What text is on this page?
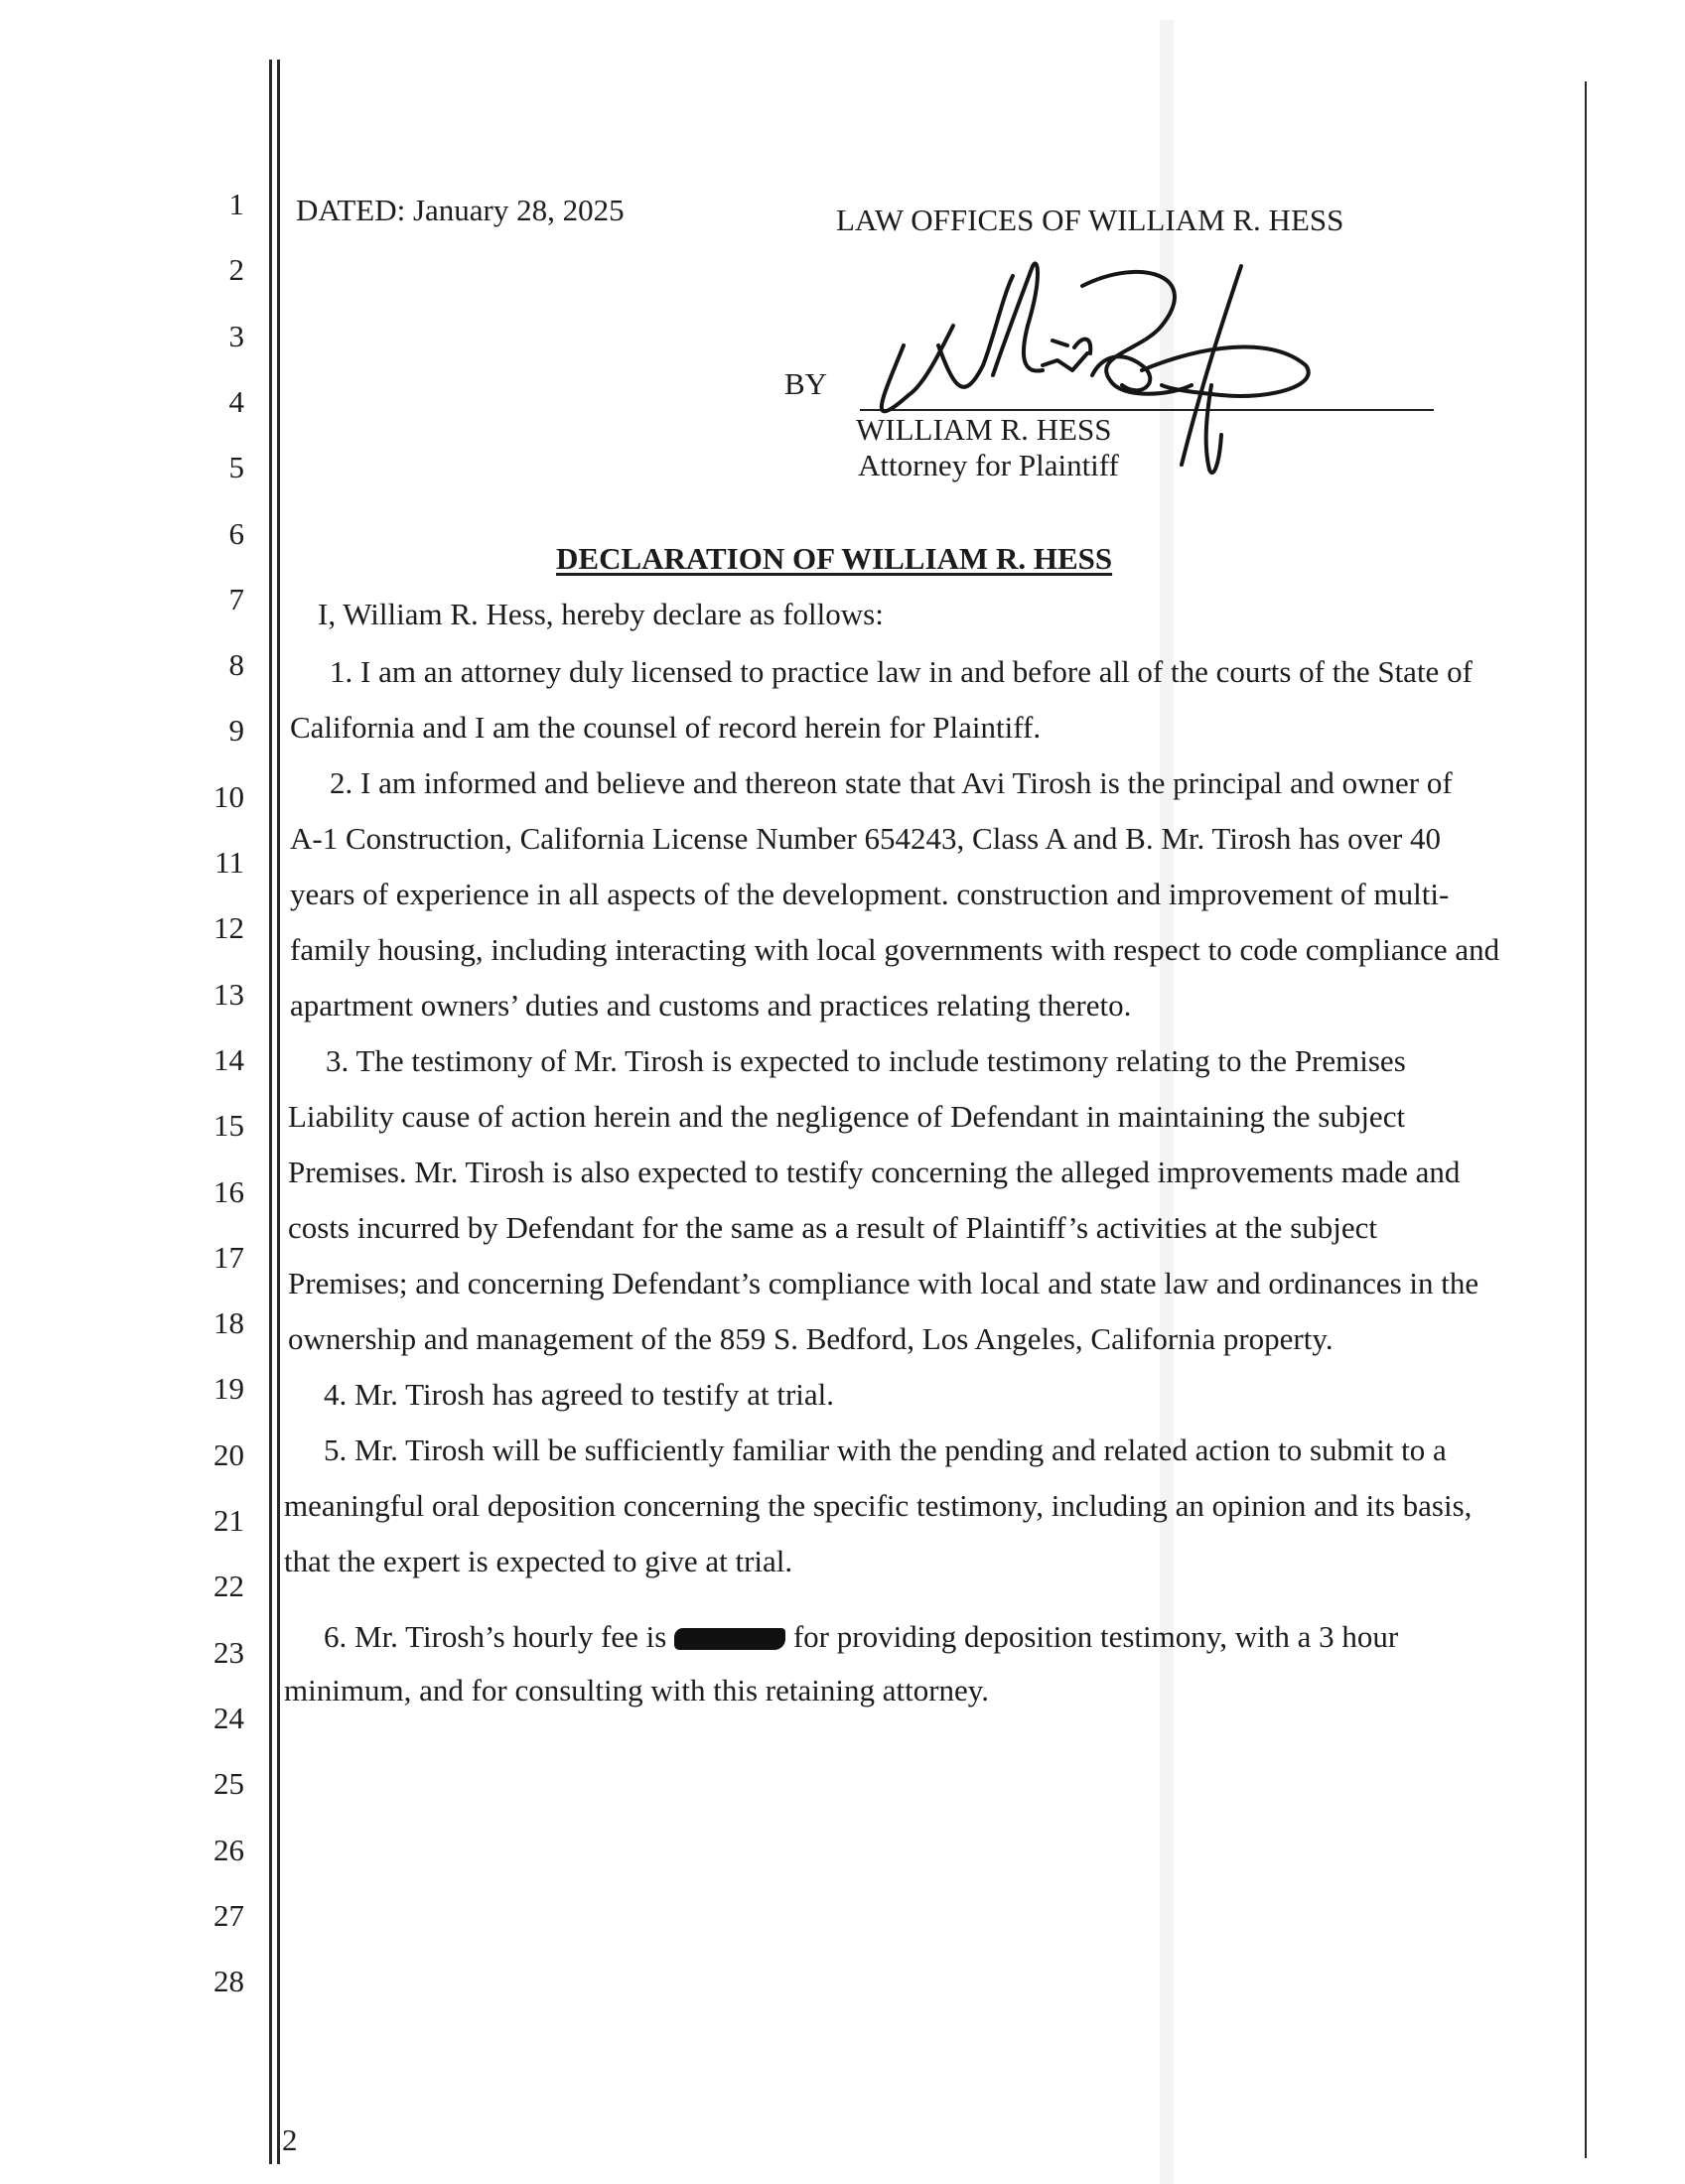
1
2
3
4
5
6
7
8
9
10
11
12
13
14
15
16
17
18
19
20
21
22
23
24
25
26
27
28
DATED: January 28, 2025	LAW OFFICES OF WILLIAM R. HESS
BY
WILLIAM R. HESS
Attorney for Plaintiff
DECLARATION OF WILLIAM R. HESS
I, William R. Hess, hereby declare as follows:
1. I am an attorney duly licensed to practice law in and before all of the courts of the State of
California and I am the counsel of record herein for Plaintiff.
2. I am informed and believe and thereon state that Avi Tirosh is the principal and owner of
A-1 Construction, California License Number 654243, Class A and B. Mr. Tirosh has over 40
years of experience in all aspects of the development. construction and improvement of multi-
family housing, including interacting with local governments with respect to code compliance and
apartment owners’ duties and customs and practices relating thereto.
3. The testimony of Mr. Tirosh is expected to include testimony relating to the Premises
Liability cause of action herein and the negligence of Defendant in maintaining the subject
Premises. Mr. Tirosh is also expected to testify concerning the alleged improvements made and
costs incurred by Defendant for the same as a result of Plaintiff’s activities at the subject
Premises; and concerning Defendant’s compliance with local and state law and ordinances in the
ownership and management of the 859 S. Bedford, Los Angeles, California property.
4. Mr. Tirosh has agreed to testify at trial.
5. Mr. Tirosh will be sufficiently familiar with the pending and related action to submit to a
meaningful oral deposition concerning the specific testimony, including an opinion and its basis,
that the expert is expected to give at trial.
minimum, and for consulting with this retaining attorney.
6. Mr. Tirosh’s hourly fee is	for providing deposition testimony, with a 3 hour
2
